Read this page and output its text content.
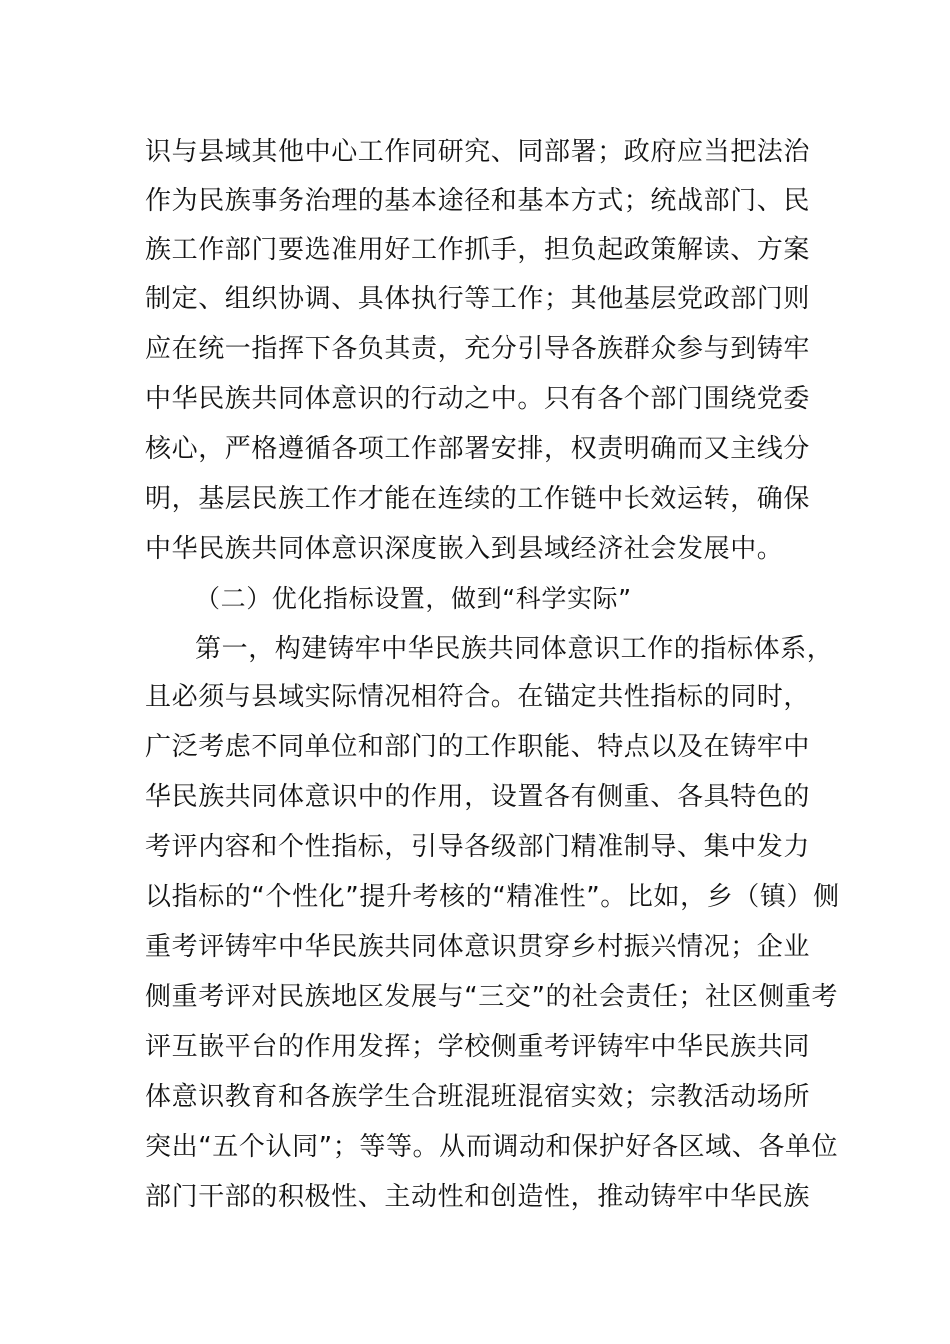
识与县域其他中心工作同研究、同部署；政府应当把法治
作为民族事务治理的基本途径和基本方式；统战部门、民
族工作部门要选准用好工作抓手，担负起政策解读、方案
制定、组织协调、具体执行等工作；其他基层党政部门则
应在统一指挥下各负其责，充分引导各族群众参与到铸牢
中华民族共同体意识的行动之中。只有各个部门围绕党委
核心，严格遵循各项工作部署安排，权责明确而又主线分
明，基层民族工作才能在连续的工作链中长效运转，确保
中华民族共同体意识深度嵌入到县域经济社会发展中。
（二）优化指标设置，做到“科学实际”
第一，构建铸牢中华民族共同体意识工作的指标体系，
且必须与县域实际情况相符合。在锚定共性指标的同时，
广泛考虑不同单位和部门的工作职能、特点以及在铸牢中
华民族共同体意识中的作用，设置各有侧重、各具特色的
考评内容和个性指标，引导各级部门精准制导、集中发力
以指标的“个性化”提升考核的“精准性”。比如，乡（镇）侧
重考评铸牢中华民族共同体意识贯穿乡村振兴情况；企业
侧重考评对民族地区发展与“三交”的社会责任；社区侧重考
评互嵌平台的作用发挥；学校侧重考评铸牢中华民族共同
体意识教育和各族学生合班混班混宿实效；宗教活动场所
突出“五个认同”；等等。从而调动和保护好各区域、各单位
部门干部的积极性、主动性和创造性，推动铸牢中华民族
